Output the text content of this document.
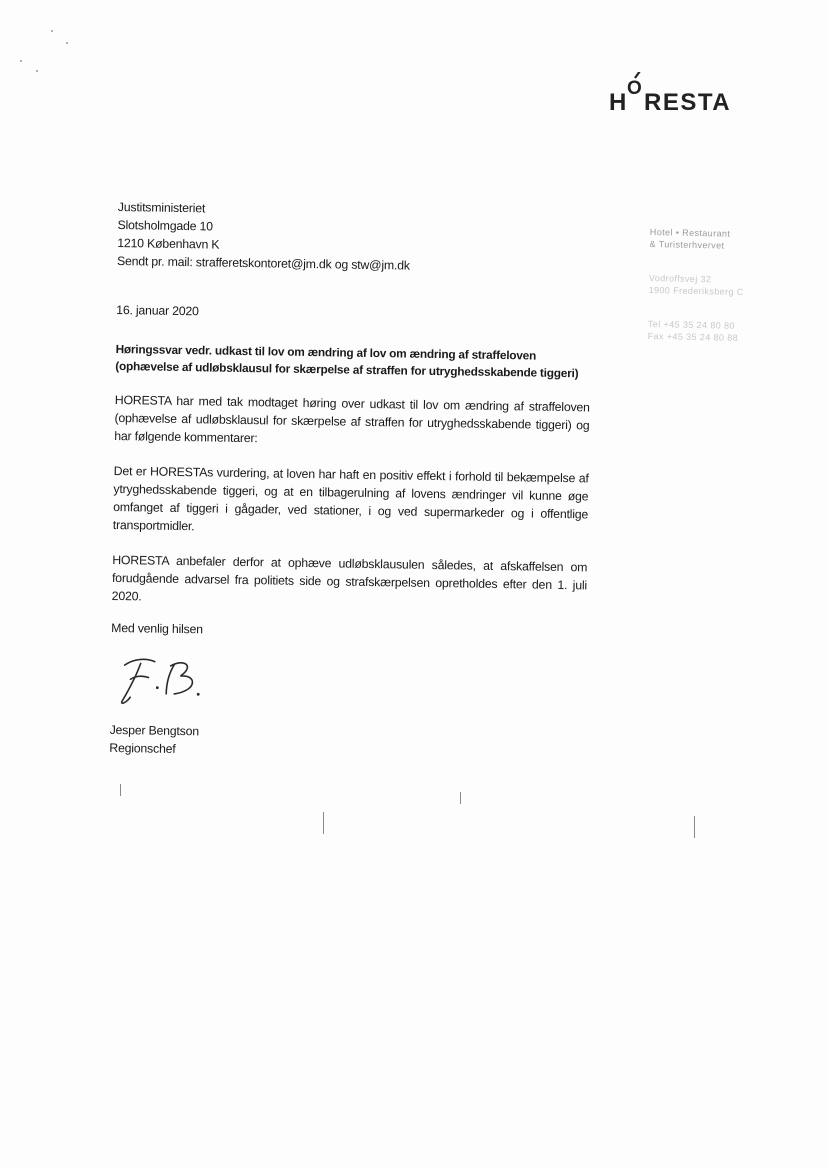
H
O
RESTA
Hotel • Restaurant
& Turisterhvervet
Vodroffsvej 32
1900 Frederiksberg C
Tel +45 35 24 80 80
Fax +45 35 24 80 88
Justitsministeriet
Slotsholmgade 10
1210 København K
Sendt pr. mail: strafferetskontoret@jm.dk og stw@jm.dk
16. januar 2020
Høringssvar vedr. udkast til lov om ændring af lov om ændring af straffeloven
(ophævelse af udløbsklausul for skærpelse af straffen for utryghedsskabende tiggeri)
HORESTA har med tak modtaget høring over udkast til lov om ændring af straffeloven (ophævelse af udløbsklausul for skærpelse af straffen for utryghedsskabende tiggeri) og har følgende kommentarer:
Det er HORESTAs vurdering, at loven har haft en positiv effekt i forhold til bekæmpelse af ytryghedsskabende tiggeri, og at en tilbagerulning af lovens ændringer vil kunne øge omfanget af tiggeri i gågader, ved stationer, i og ved supermarkeder og i offentlige transportmidler.
HORESTA anbefaler derfor at ophæve udløbsklausulen således, at afskaffelsen om forudgående advarsel fra politiets side og strafskærpelsen opretholdes efter den 1. juli 2020.
Med venlig hilsen
Jesper Bengtson
Regionschef
